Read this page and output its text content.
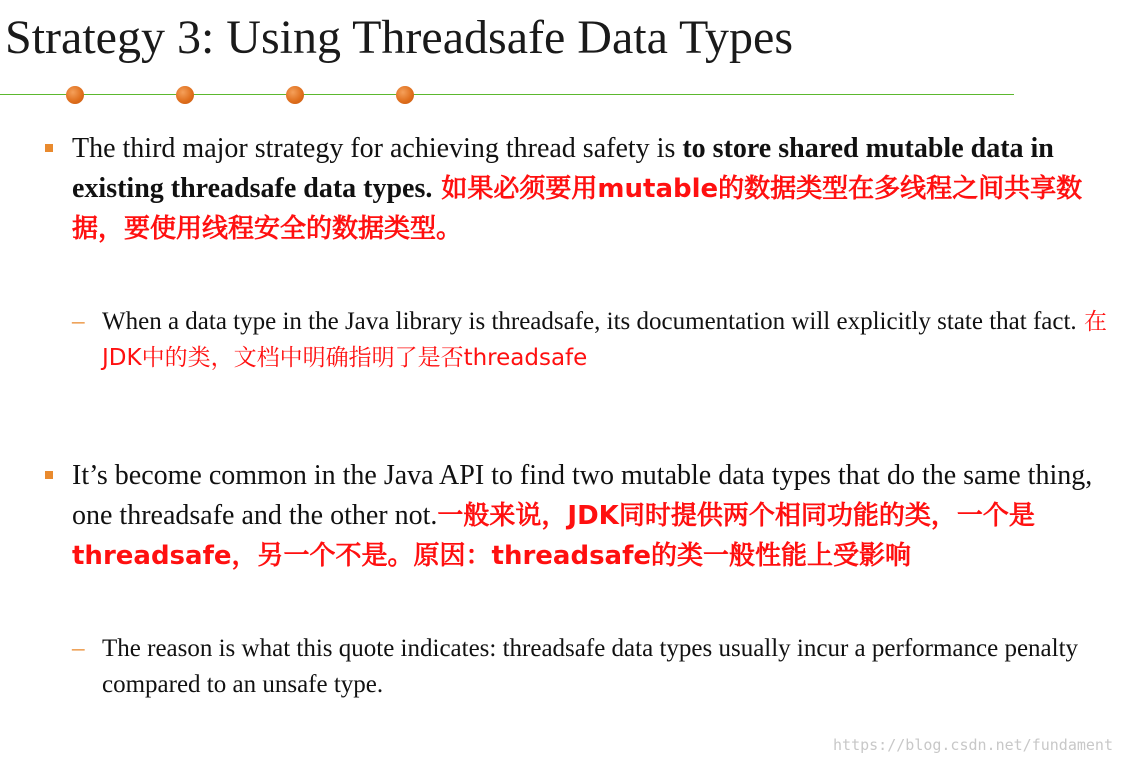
Strategy 3: Using Threadsafe Data Types
The third major strategy for achieving thread safety is to store shared mutable data in existing threadsafe data types. 如果必须要用mutable的数据类型在多线程之间共享数据，要使用线程安全的数据类型。
– When a data type in the Java library is threadsafe, its documentation will explicitly state that fact. 在JDK中的类，文档中明确指明了是否threadsafe
It’s become common in the Java API to find two mutable data types that do the same thing, one threadsafe and the other not.一般来说，JDK同时提供两个相同功能的类，一个是threadsafe，另一个不是。原因：threadsafe的类一般性能上受影响
– The reason is what this quote indicates: threadsafe data types usually incur a performance penalty compared to an unsafe type.
https://blog.csdn.net/fundament
